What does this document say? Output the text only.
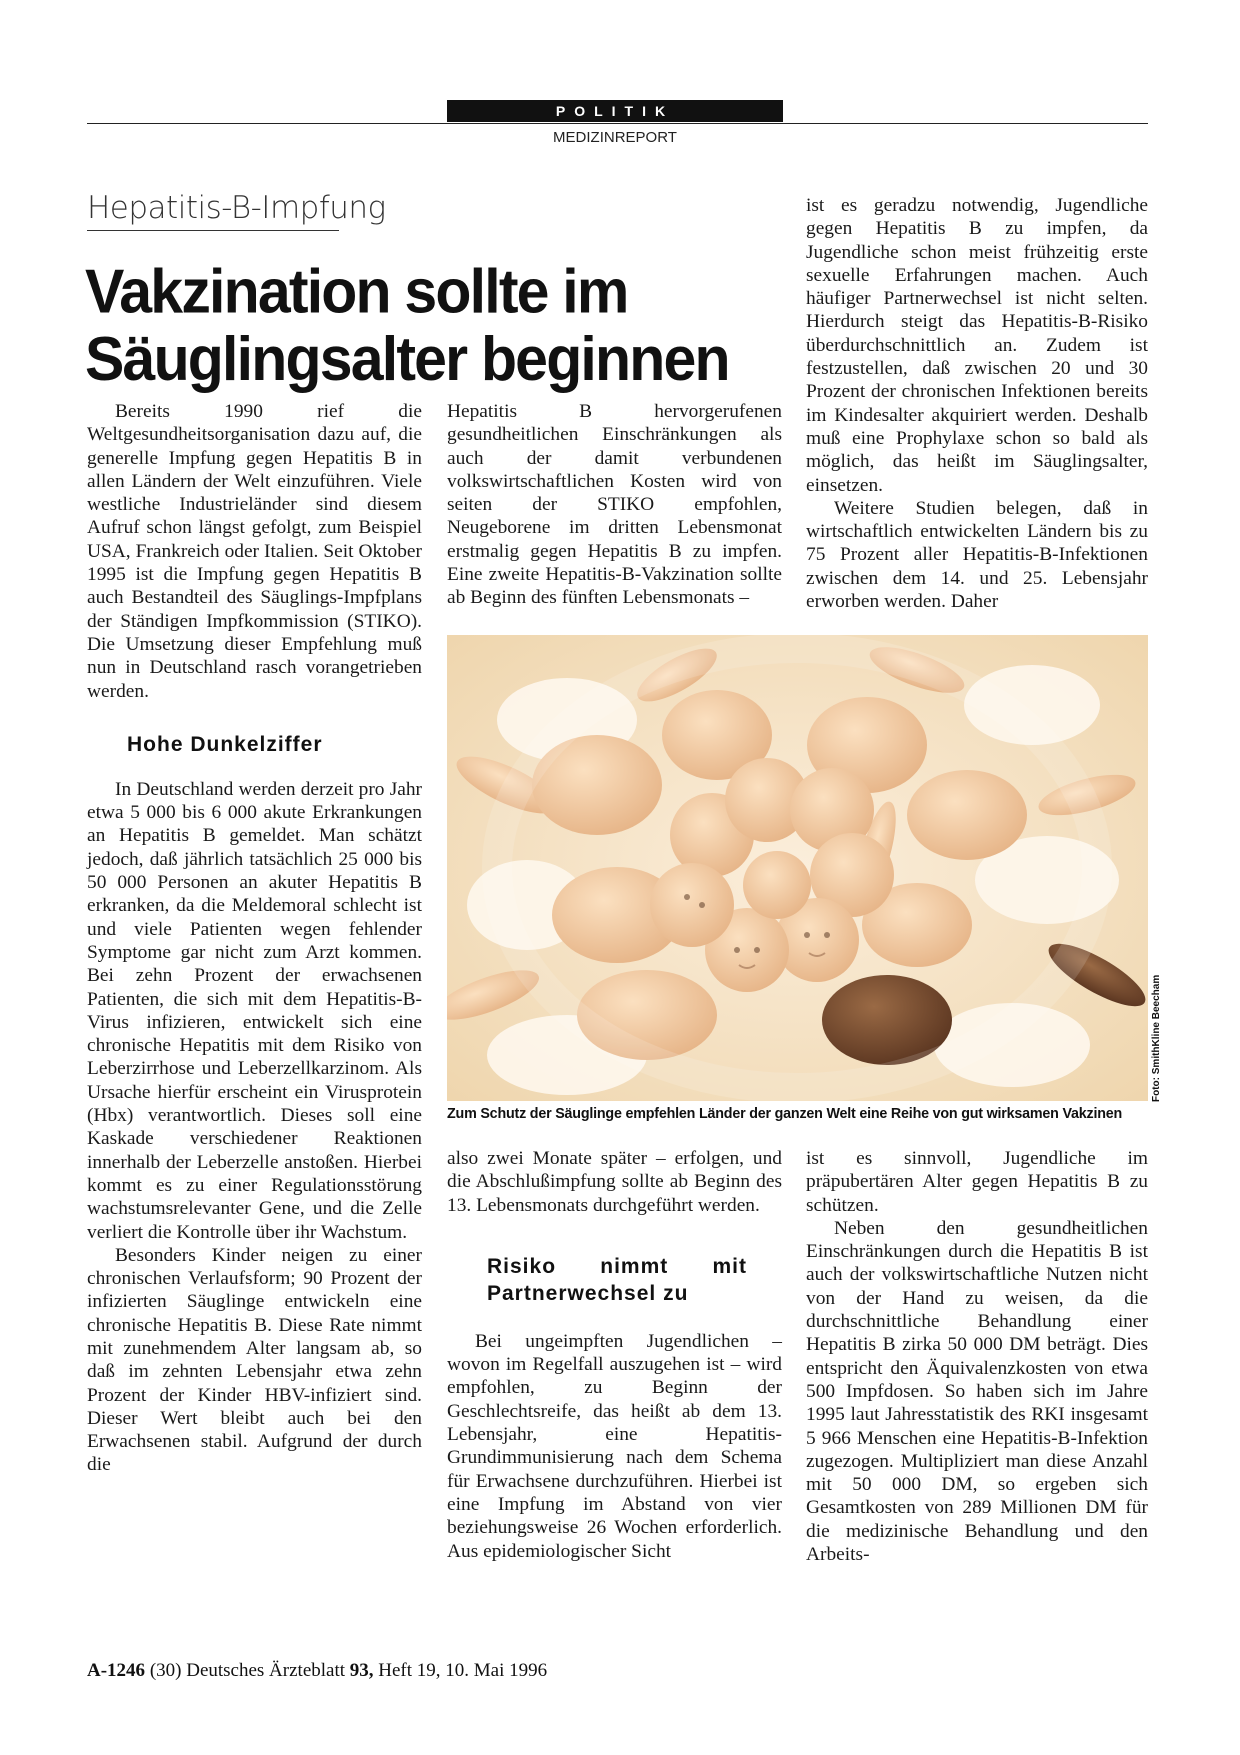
POLITIK
MEDIZINREPORT
Hepatitis-B-Impfung
Vakzination sollte im
Säuglingsalter beginnen

Bereits 1990 rief die Weltgesundheitsorganisation dazu auf, die generelle Impfung gegen Hepatitis B in allen Ländern der Welt einzuführen. Viele westliche Industrieländer sind diesem Aufruf schon längst gefolgt, zum Beispiel USA, Frankreich oder Italien. Seit Oktober 1995 ist die Impfung gegen Hepatitis B auch Bestandteil des Säuglings-Impfplans der Ständigen Impfkommission (STIKO). Die Umsetzung dieser Empfehlung muß nun in Deutschland rasch vorangetrieben werden.

Hohe Dunkelziffer

In Deutschland werden derzeit pro Jahr etwa 5 000 bis 6 000 akute Erkrankungen an Hepatitis B gemeldet. Man schätzt jedoch, daß jährlich tatsächlich 25 000 bis 50 000 Personen an akuter Hepatitis B erkranken, da die Meldemoral schlecht ist und viele Patienten wegen fehlender Symptome gar nicht zum Arzt kommen. Bei zehn Prozent der erwachsenen Patienten, die sich mit dem Hepatitis-B-Virus infizieren, entwickelt sich eine chronische Hepatitis mit dem Risiko von Leberzirrhose und Leberzellkarzinom. Als Ursache hierfür erscheint ein Virusprotein (Hbx) verantwortlich. Dieses soll eine Kaskade verschiedener Reaktionen innerhalb der Leberzelle anstoßen. Hierbei kommt es zu einer Regulationsstörung wachstumsrelevanter Gene, und die Zelle verliert die Kontrolle über ihr Wachstum.

Besonders Kinder neigen zu einer chronischen Verlaufsform; 90 Prozent der infizierten Säuglinge entwickeln eine chronische Hepatitis B. Diese Rate nimmt mit zunehmendem Alter langsam ab, so daß im zehnten Lebensjahr etwa zehn Prozent der Kinder HBV-infiziert sind. Dieser Wert bleibt auch bei den Erwachsenen stabil. Aufgrund der durch die

Hepatitis B hervorgerufenen gesundheitlichen Einschränkungen als auch der damit verbundenen volkswirtschaftlichen Kosten wird von seiten der STIKO empfohlen, Neugeborene im dritten Lebensmonat erstmalig gegen Hepatitis B zu impfen. Eine zweite Hepatitis-B-Vakzination sollte ab Beginn des fünften Lebensmonats –

ist es geradzu notwendig, Jugendliche gegen Hepatitis B zu impfen, da Jugendliche schon meist frühzeitig erste sexuelle Erfahrungen machen. Auch häufiger Partnerwechsel ist nicht selten. Hierdurch steigt das Hepatitis-B-Risiko überdurchschnittlich an. Zudem ist festzustellen, daß zwischen 20 und 30 Prozent der chronischen Infektionen bereits im Kindesalter akquiriert werden. Deshalb muß eine Prophylaxe schon so bald als möglich, das heißt im Säuglingsalter, einsetzen.

Weitere Studien belegen, daß in wirtschaftlich entwickelten Ländern bis zu 75 Prozent aller Hepatitis-B-Infektionen zwischen dem 14. und 25. Lebensjahr erworben werden. Daher

Zum Schutz der Säuglinge empfehlen Länder der ganzen Welt eine Reihe von gut wirksamen Vakzinen
Foto: SmithKline Beecham

also zwei Monate später – erfolgen, und die Abschlußimpfung sollte ab Beginn des 13. Lebensmonats durchgeführt werden.

Risiko nimmt mit Partnerwechsel zu

Bei ungeimpften Jugendlichen – wovon im Regelfall auszugehen ist – wird empfohlen, zu Beginn der Geschlechtsreife, das heißt ab dem 13. Lebensjahr, eine Hepatitis-Grundimmunisierung nach dem Schema für Erwachsene durchzuführen. Hierbei ist eine Impfung im Abstand von vier beziehungsweise 26 Wochen erforderlich. Aus epidemiologischer Sicht

ist es sinnvoll, Jugendliche im präpubertären Alter gegen Hepatitis B zu schützen.

Neben den gesundheitlichen Einschränkungen durch die Hepatitis B ist auch der volkswirtschaftliche Nutzen nicht von der Hand zu weisen, da die durchschnittliche Behandlung einer Hepatitis B zirka 50 000 DM beträgt. Dies entspricht den Äquivalenzkosten von etwa 500 Impfdosen. So haben sich im Jahre 1995 laut Jahresstatistik des RKI insgesamt 5 966 Menschen eine Hepatitis-B-Infektion zugezogen. Multipliziert man diese Anzahl mit 50 000 DM, so ergeben sich Gesamtkosten von 289 Millionen DM für die medizinische Behandlung und den Arbeits-

A-1246 (30) Deutsches Ärzteblatt 93, Heft 19, 10. Mai 1996
